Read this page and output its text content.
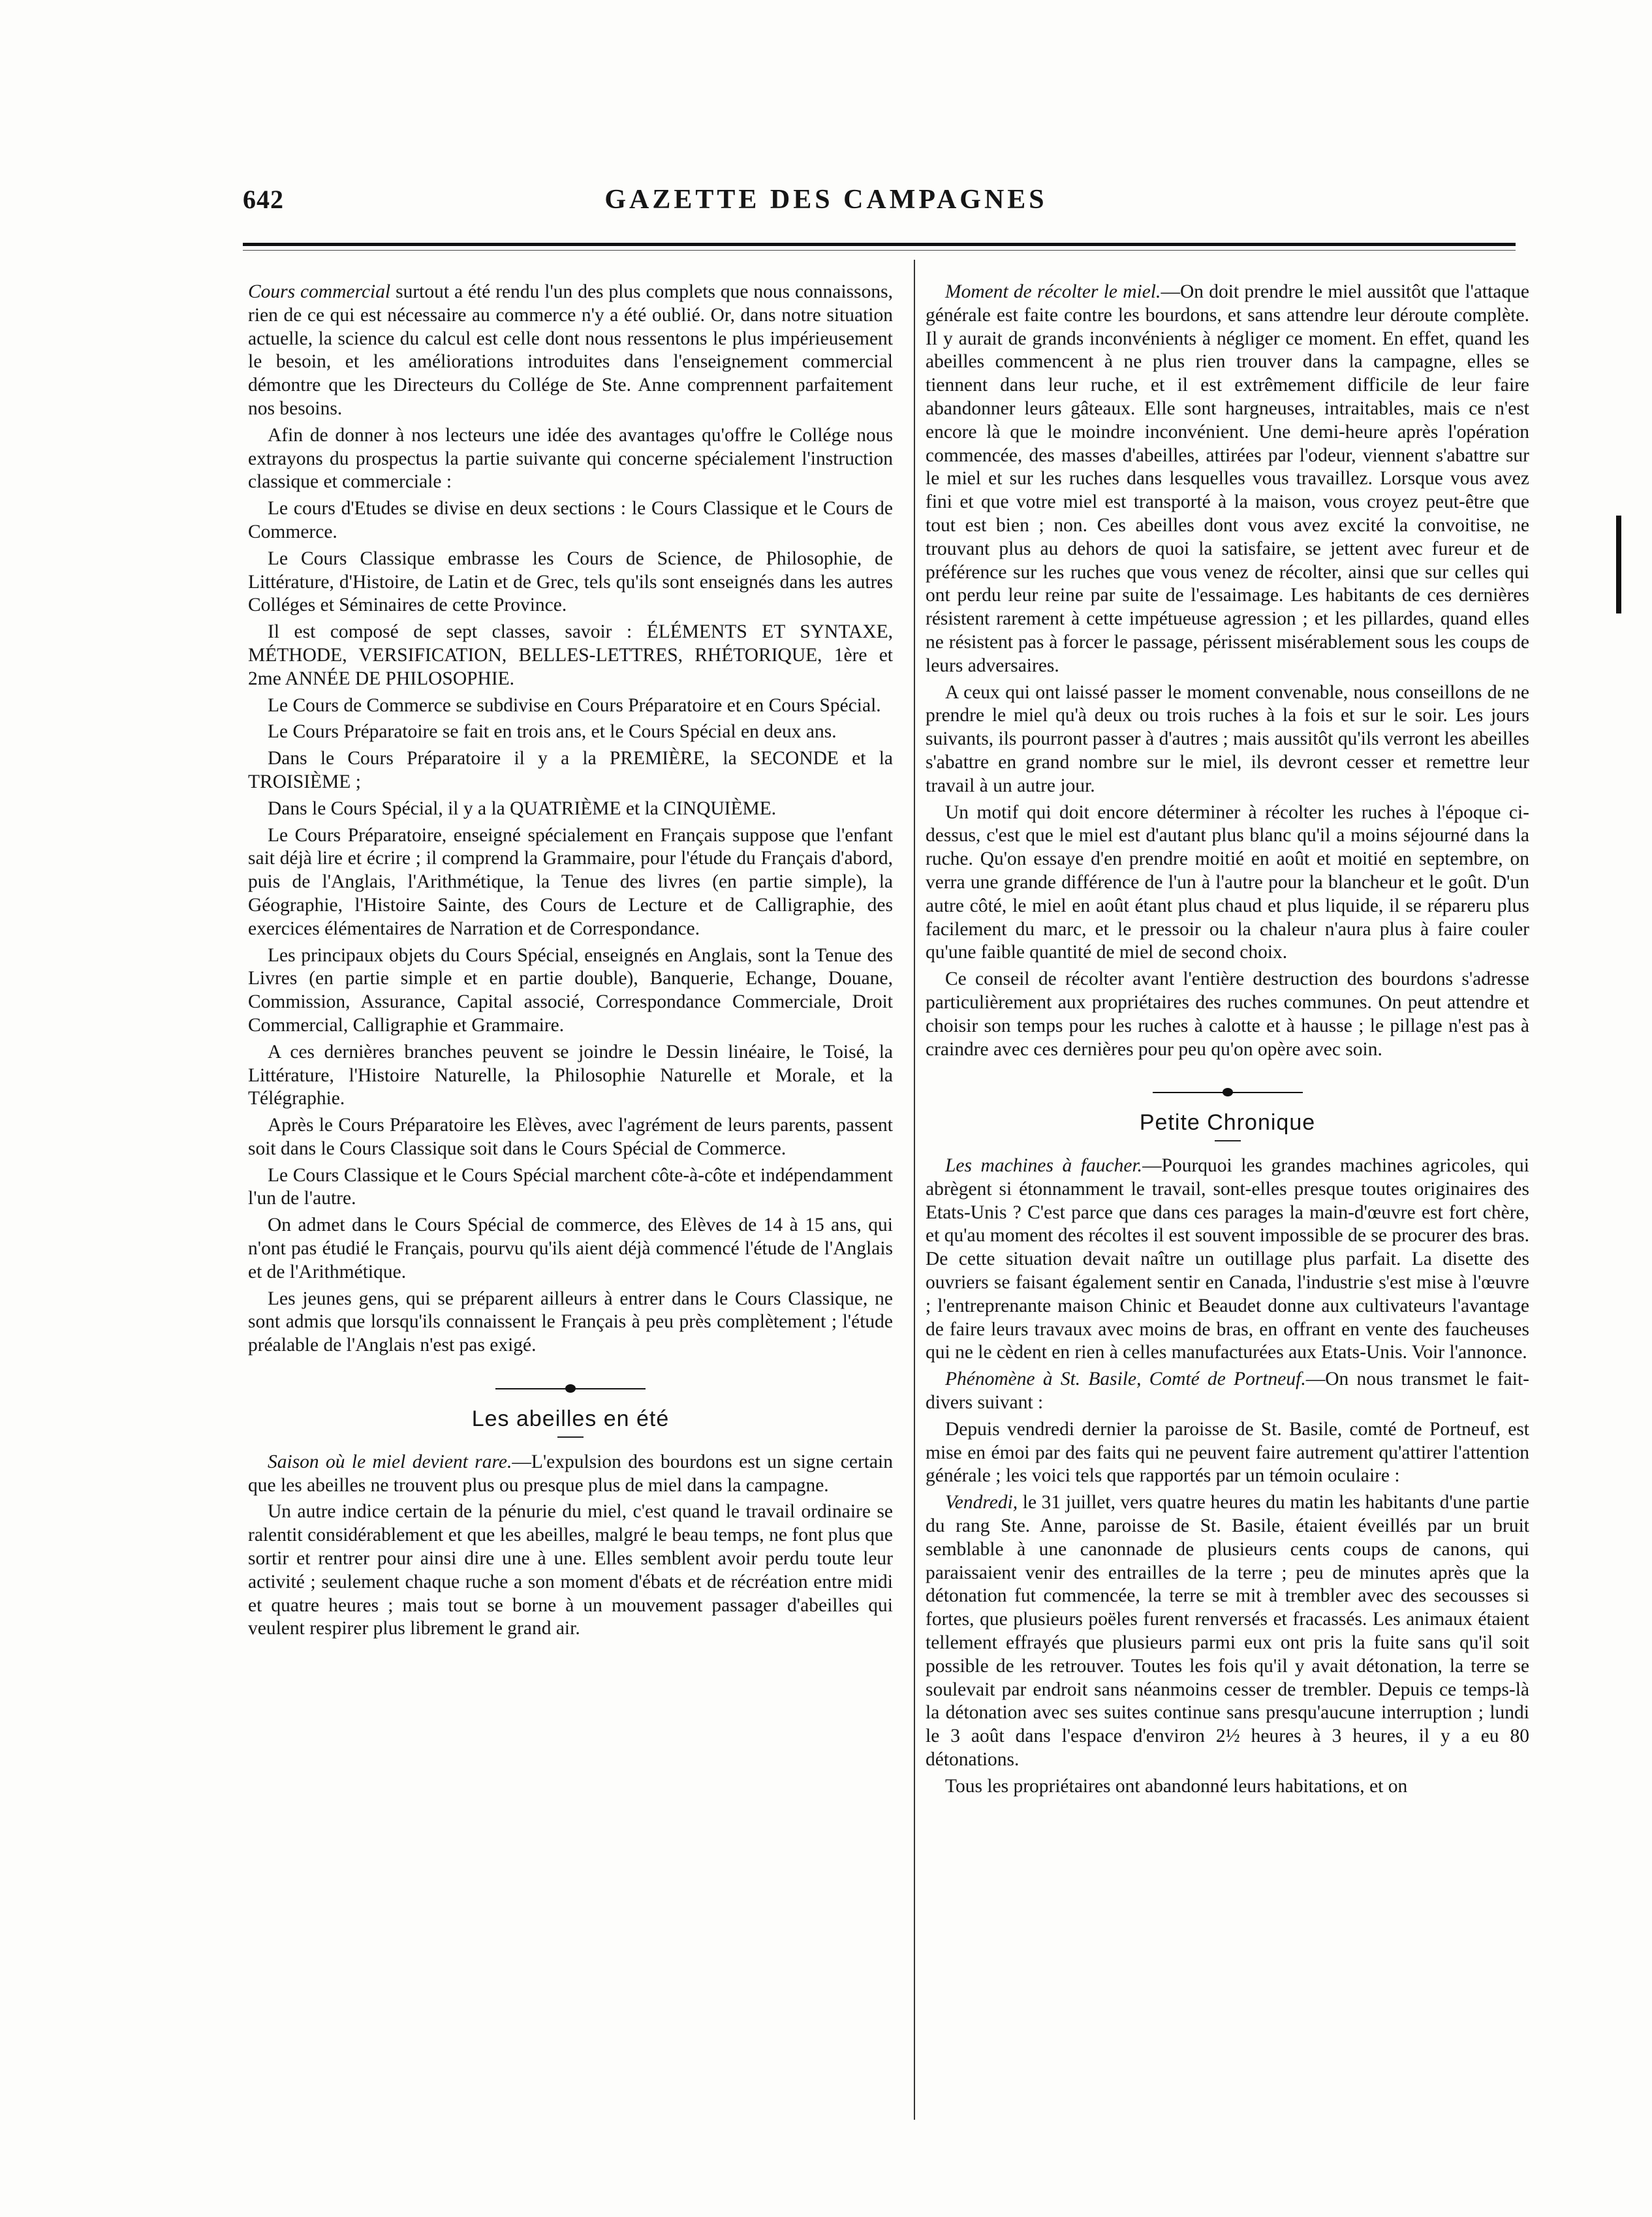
642	GAZETTE DES CAMPAGNES

Cours commercial surtout a été rendu l'un des plus complets que nous connaissons, rien de ce qui est nécessaire au commerce n'y a été oublié. Or, dans notre situation actuelle, la science du calcul est celle dont nous ressentons le plus impérieusement le besoin, et les améliorations introduites dans l'enseignement commercial démontre que les Directeurs du Collége de Ste. Anne comprennent parfaitement nos besoins.

Afin de donner à nos lecteurs une idée des avantages qu'offre le Collége nous extrayons du prospectus la partie suivante qui concerne spécialement l'instruction classique et commerciale :

Le cours d'Etudes se divise en deux sections : le Cours Classique et le Cours de Commerce.

Le Cours Classique embrasse les Cours de Science, de Philosophie, de Littérature, d'Histoire, de Latin et de Grec, tels qu'ils sont enseignés dans les autres Colléges et Séminaires de cette Province.

Il est composé de sept classes, savoir : ÉLÉMENTS ET SYNTAXE, MÉTHODE, VERSIFICATION, BELLES-LETTRES, RHÉTORIQUE, 1ère et 2me ANNÉE DE PHILOSOPHIE.

Le Cours de Commerce se subdivise en Cours Préparatoire et en Cours Spécial.

Le Cours Préparatoire se fait en trois ans, et le Cours Spécial en deux ans.

Dans le Cours Préparatoire il y a la PREMIÈRE, la SECONDE et la TROISIÈME ;

Dans le Cours Spécial, il y a la QUATRIÈME et la CINQUIÈME.

Le Cours Préparatoire, enseigné spécialement en Français suppose que l'enfant sait déjà lire et écrire ; il comprend la Grammaire, pour l'étude du Français d'abord, puis de l'Anglais, l'Arithmétique, la Tenue des livres (en partie simple), la Géographie, l'Histoire Sainte, des Cours de Lecture et de Calligraphie, des exercices élémentaires de Narration et de Correspondance.

Les principaux objets du Cours Spécial, enseignés en Anglais, sont la Tenue des Livres (en partie simple et en partie double), Banquerie, Echange, Douane, Commission, Assurance, Capital associé, Correspondance Commerciale, Droit Commercial, Calligraphie et Grammaire.

A ces dernières branches peuvent se joindre le Dessin linéaire, le Toisé, la Littérature, l'Histoire Naturelle, la Philosophie Naturelle et Morale, et la Télégraphie.

Après le Cours Préparatoire les Elèves, avec l'agrément de leurs parents, passent soit dans le Cours Classique soit dans le Cours Spécial de Commerce.

Le Cours Classique et le Cours Spécial marchent côte-à-côte et indépendamment l'un de l'autre.

On admet dans le Cours Spécial de commerce, des Elèves de 14 à 15 ans, qui n'ont pas étudié le Français, pourvu qu'ils aient déjà commencé l'étude de l'Anglais et de l'Arithmétique.

Les jeunes gens, qui se préparent ailleurs à entrer dans le Cours Classique, ne sont admis que lorsqu'ils connaissent le Français à peu près complètement ; l'étude préalable de l'Anglais n'est pas exigé.

Les abeilles en été

Saison où le miel devient rare.—L'expulsion des bourdons est un signe certain que les abeilles ne trouvent plus ou presque plus de miel dans la campagne.

Un autre indice certain de la pénurie du miel, c'est quand le travail ordinaire se ralentit considérablement et que les abeilles, malgré le beau temps, ne font plus que sortir et rentrer pour ainsi dire une à une. Elles semblent avoir perdu toute leur activité ; seulement chaque ruche a son moment d'ébats et de récréation entre midi et quatre heures ; mais tout se borne à un mouvement passager d'abeilles qui veulent respirer plus librement le grand air.

Moment de récolter le miel.—On doit prendre le miel aussitôt que l'attaque générale est faite contre les bourdons, et sans attendre leur déroute complète. Il y aurait de grands inconvénients à négliger ce moment. En effet, quand les abeilles commencent à ne plus rien trouver dans la campagne, elles se tiennent dans leur ruche, et il est extrêmement difficile de leur faire abandonner leurs gâteaux. Elle sont hargneuses, intraitables, mais ce n'est encore là que le moindre inconvénient. Une demi-heure après l'opération commencée, des masses d'abeilles, attirées par l'odeur, viennent s'abattre sur le miel et sur les ruches dans lesquelles vous travaillez. Lorsque vous avez fini et que votre miel est transporté à la maison, vous croyez peut-être que tout est bien ; non. Ces abeilles dont vous avez excité la convoitise, ne trouvant plus au dehors de quoi la satisfaire, se jettent avec fureur et de préférence sur les ruches que vous venez de récolter, ainsi que sur celles qui ont perdu leur reine par suite de l'essaimage. Les habitants de ces dernières résistent rarement à cette impétueuse agression ; et les pillardes, quand elles ne résistent pas à forcer le passage, périssent misérablement sous les coups de leurs adversaires.

A ceux qui ont laissé passer le moment convenable, nous conseillons de ne prendre le miel qu'à deux ou trois ruches à la fois et sur le soir. Les jours suivants, ils pourront passer à d'autres ; mais aussitôt qu'ils verront les abeilles s'abattre en grand nombre sur le miel, ils devront cesser et remettre leur travail à un autre jour.

Un motif qui doit encore déterminer à récolter les ruches à l'époque ci-dessus, c'est que le miel est d'autant plus blanc qu'il a moins séjourné dans la ruche. Qu'on essaye d'en prendre moitié en août et moitié en septembre, on verra une grande différence de l'un à l'autre pour la blancheur et le goût. D'un autre côté, le miel en août étant plus chaud et plus liquide, il se répareru plus facilement du marc, et le pressoir ou la chaleur n'aura plus à faire couler qu'une faible quantité de miel de second choix.

Ce conseil de récolter avant l'entière destruction des bourdons s'adresse particulièrement aux propriétaires des ruches communes. On peut attendre et choisir son temps pour les ruches à calotte et à hausse ; le pillage n'est pas à craindre avec ces dernières pour peu qu'on opère avec soin.

Petite Chronique

Les machines à faucher.—Pourquoi les grandes machines agricoles, qui abrègent si étonnamment le travail, sont-elles presque toutes originaires des Etats-Unis ? C'est parce que dans ces parages la main-d'œuvre est fort chère, et qu'au moment des récoltes il est souvent impossible de se procurer des bras. De cette situation devait naître un outillage plus parfait. La disette des ouvriers se faisant également sentir en Canada, l'industrie s'est mise à l'œuvre ; l'entreprenante maison Chinic et Beaudet donne aux cultivateurs l'avantage de faire leurs travaux avec moins de bras, en offrant en vente des faucheuses qui ne le cèdent en rien à celles manufacturées aux Etats-Unis. Voir l'annonce.

Phénomène à St. Basile, Comté de Portneuf.—On nous transmet le fait-divers suivant :

Depuis vendredi dernier la paroisse de St. Basile, comté de Portneuf, est mise en émoi par des faits qui ne peuvent faire autrement qu'attirer l'attention générale ; les voici tels que rapportés par un témoin oculaire :

Vendredi, le 31 juillet, vers quatre heures du matin les habitants d'une partie du rang Ste. Anne, paroisse de St. Basile, étaient éveillés par un bruit semblable à une canonnade de plusieurs cents coups de canons, qui paraissaient venir des entrailles de la terre ; peu de minutes après que la détonation fut commencée, la terre se mit à trembler avec des secousses si fortes, que plusieurs poëles furent renversés et fracassés. Les animaux étaient tellement effrayés que plusieurs parmi eux ont pris la fuite sans qu'il soit possible de les retrouver. Toutes les fois qu'il y avait détonation, la terre se soulevait par endroit sans néanmoins cesser de trembler. Depuis ce temps-là la détonation avec ses suites continue sans presqu'aucune interruption ; lundi le 3 août dans l'espace d'environ 2½ heures à 3 heures, il y a eu 80 détonations.

Tous les propriétaires ont abandonné leurs habitations, et on
